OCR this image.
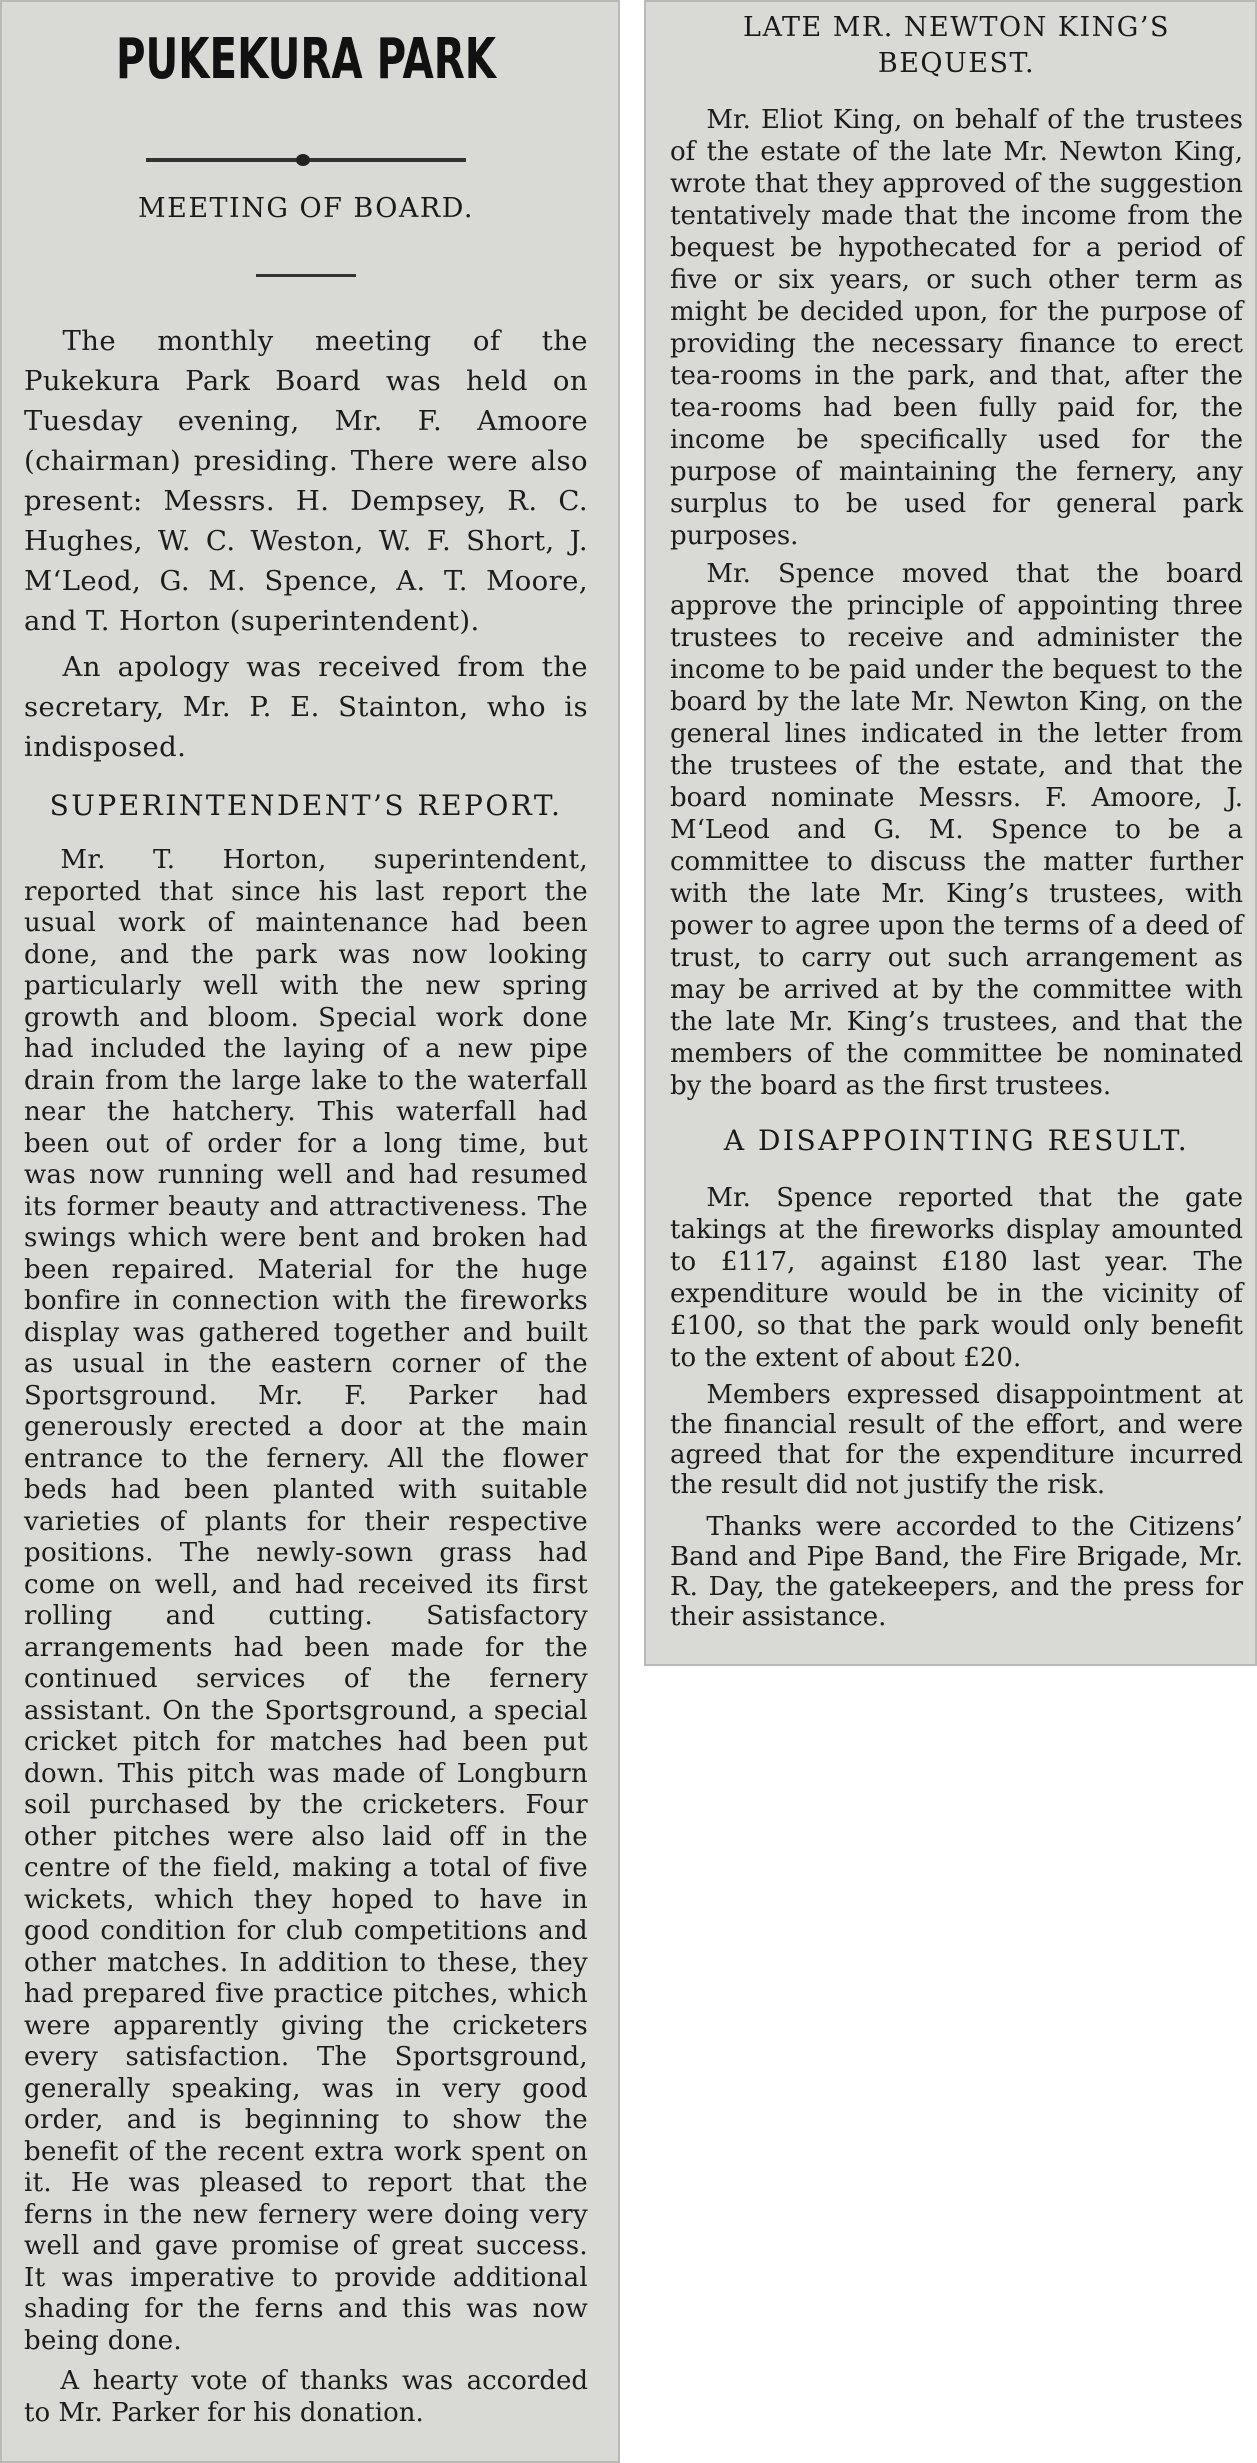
PUKEKURA PARK
MEETING OF BOARD.

The monthly meeting of the Pukekura Park Board was held on Tuesday evening, Mr. F. Amoore (chairman) presiding. There were also present: Messrs. H. Dempsey, R. C. Hughes, W. C. Weston, W. F. Short, J. M‘Leod, G. M. Spence, A. T. Moore, and T. Horton (superintendent).

An apology was received from the secretary, Mr. P. E. Stainton, who is indisposed.

SUPERINTENDENT’S REPORT.

Mr. T. Horton, superintendent, reported that since his last report the usual work of maintenance had been done, and the park was now looking particularly well with the new spring growth and bloom. Special work done had included the laying of a new pipe drain from the large lake to the waterfall near the hatchery. This waterfall had been out of order for a long time, but was now running well and had resumed its former beauty and attractiveness. The swings which were bent and broken had been repaired. Material for the huge bonfire in connection with the fireworks display was gathered together and built as usual in the eastern corner of the Sportsground. Mr. F. Parker had generously erected a door at the main entrance to the fernery. All the flower beds had been planted with suitable varieties of plants for their respective positions. The newly-sown grass had come on well, and had received its first rolling and cutting. Satisfactory arrangements had been made for the continued services of the fernery assistant. On the Sportsground, a special cricket pitch for matches had been put down. This pitch was made of Longburn soil purchased by the cricketers. Four other pitches were also laid off in the centre of the field, making a total of five wickets, which they hoped to have in good condition for club competitions and other matches. In addition to these, they had prepared five practice pitches, which were apparently giving the cricketers every satisfaction. The Sportsground, generally speaking, was in very good order, and is beginning to show the benefit of the recent extra work spent on it. He was pleased to report that the ferns in the new fernery were doing very well and gave promise of great success. It was imperative to provide additional shading for the ferns and this was now being done.

A hearty vote of thanks was accorded to Mr. Parker for his donation.

LATE MR. NEWTON KING’S BEQUEST.

Mr. Eliot King, on behalf of the trustees of the estate of the late Mr. Newton King, wrote that they approved of the suggestion tentatively made that the income from the bequest be hypothecated for a period of five or six years, or such other term as might be decided upon, for the purpose of providing the necessary finance to erect tea-rooms in the park, and that, after the tea-rooms had been fully paid for, the income be specifically used for the purpose of maintaining the fernery, any surplus to be used for general park purposes.

Mr. Spence moved that the board approve the principle of appointing three trustees to receive and administer the income to be paid under the bequest to the board by the late Mr. Newton King, on the general lines indicated in the letter from the trustees of the estate, and that the board nominate Messrs. F. Amoore, J. M‘Leod and G. M. Spence to be a committee to discuss the matter further with the late Mr. King’s trustees, with power to agree upon the terms of a deed of trust, to carry out such arrangement as may be arrived at by the committee with the late Mr. King’s trustees, and that the members of the committee be nominated by the board as the first trustees.

A DISAPPOINTING RESULT.

Mr. Spence reported that the gate takings at the fireworks display amounted to £117, against £180 last year. The expenditure would be in the vicinity of £100, so that the park would only benefit to the extent of about £20.

Members expressed disappointment at the financial result of the effort, and were agreed that for the expenditure incurred the result did not justify the risk.

Thanks were accorded to the Citizens’ Band and Pipe Band, the Fire Brigade, Mr. R. Day, the gatekeepers, and the press for their assistance.
